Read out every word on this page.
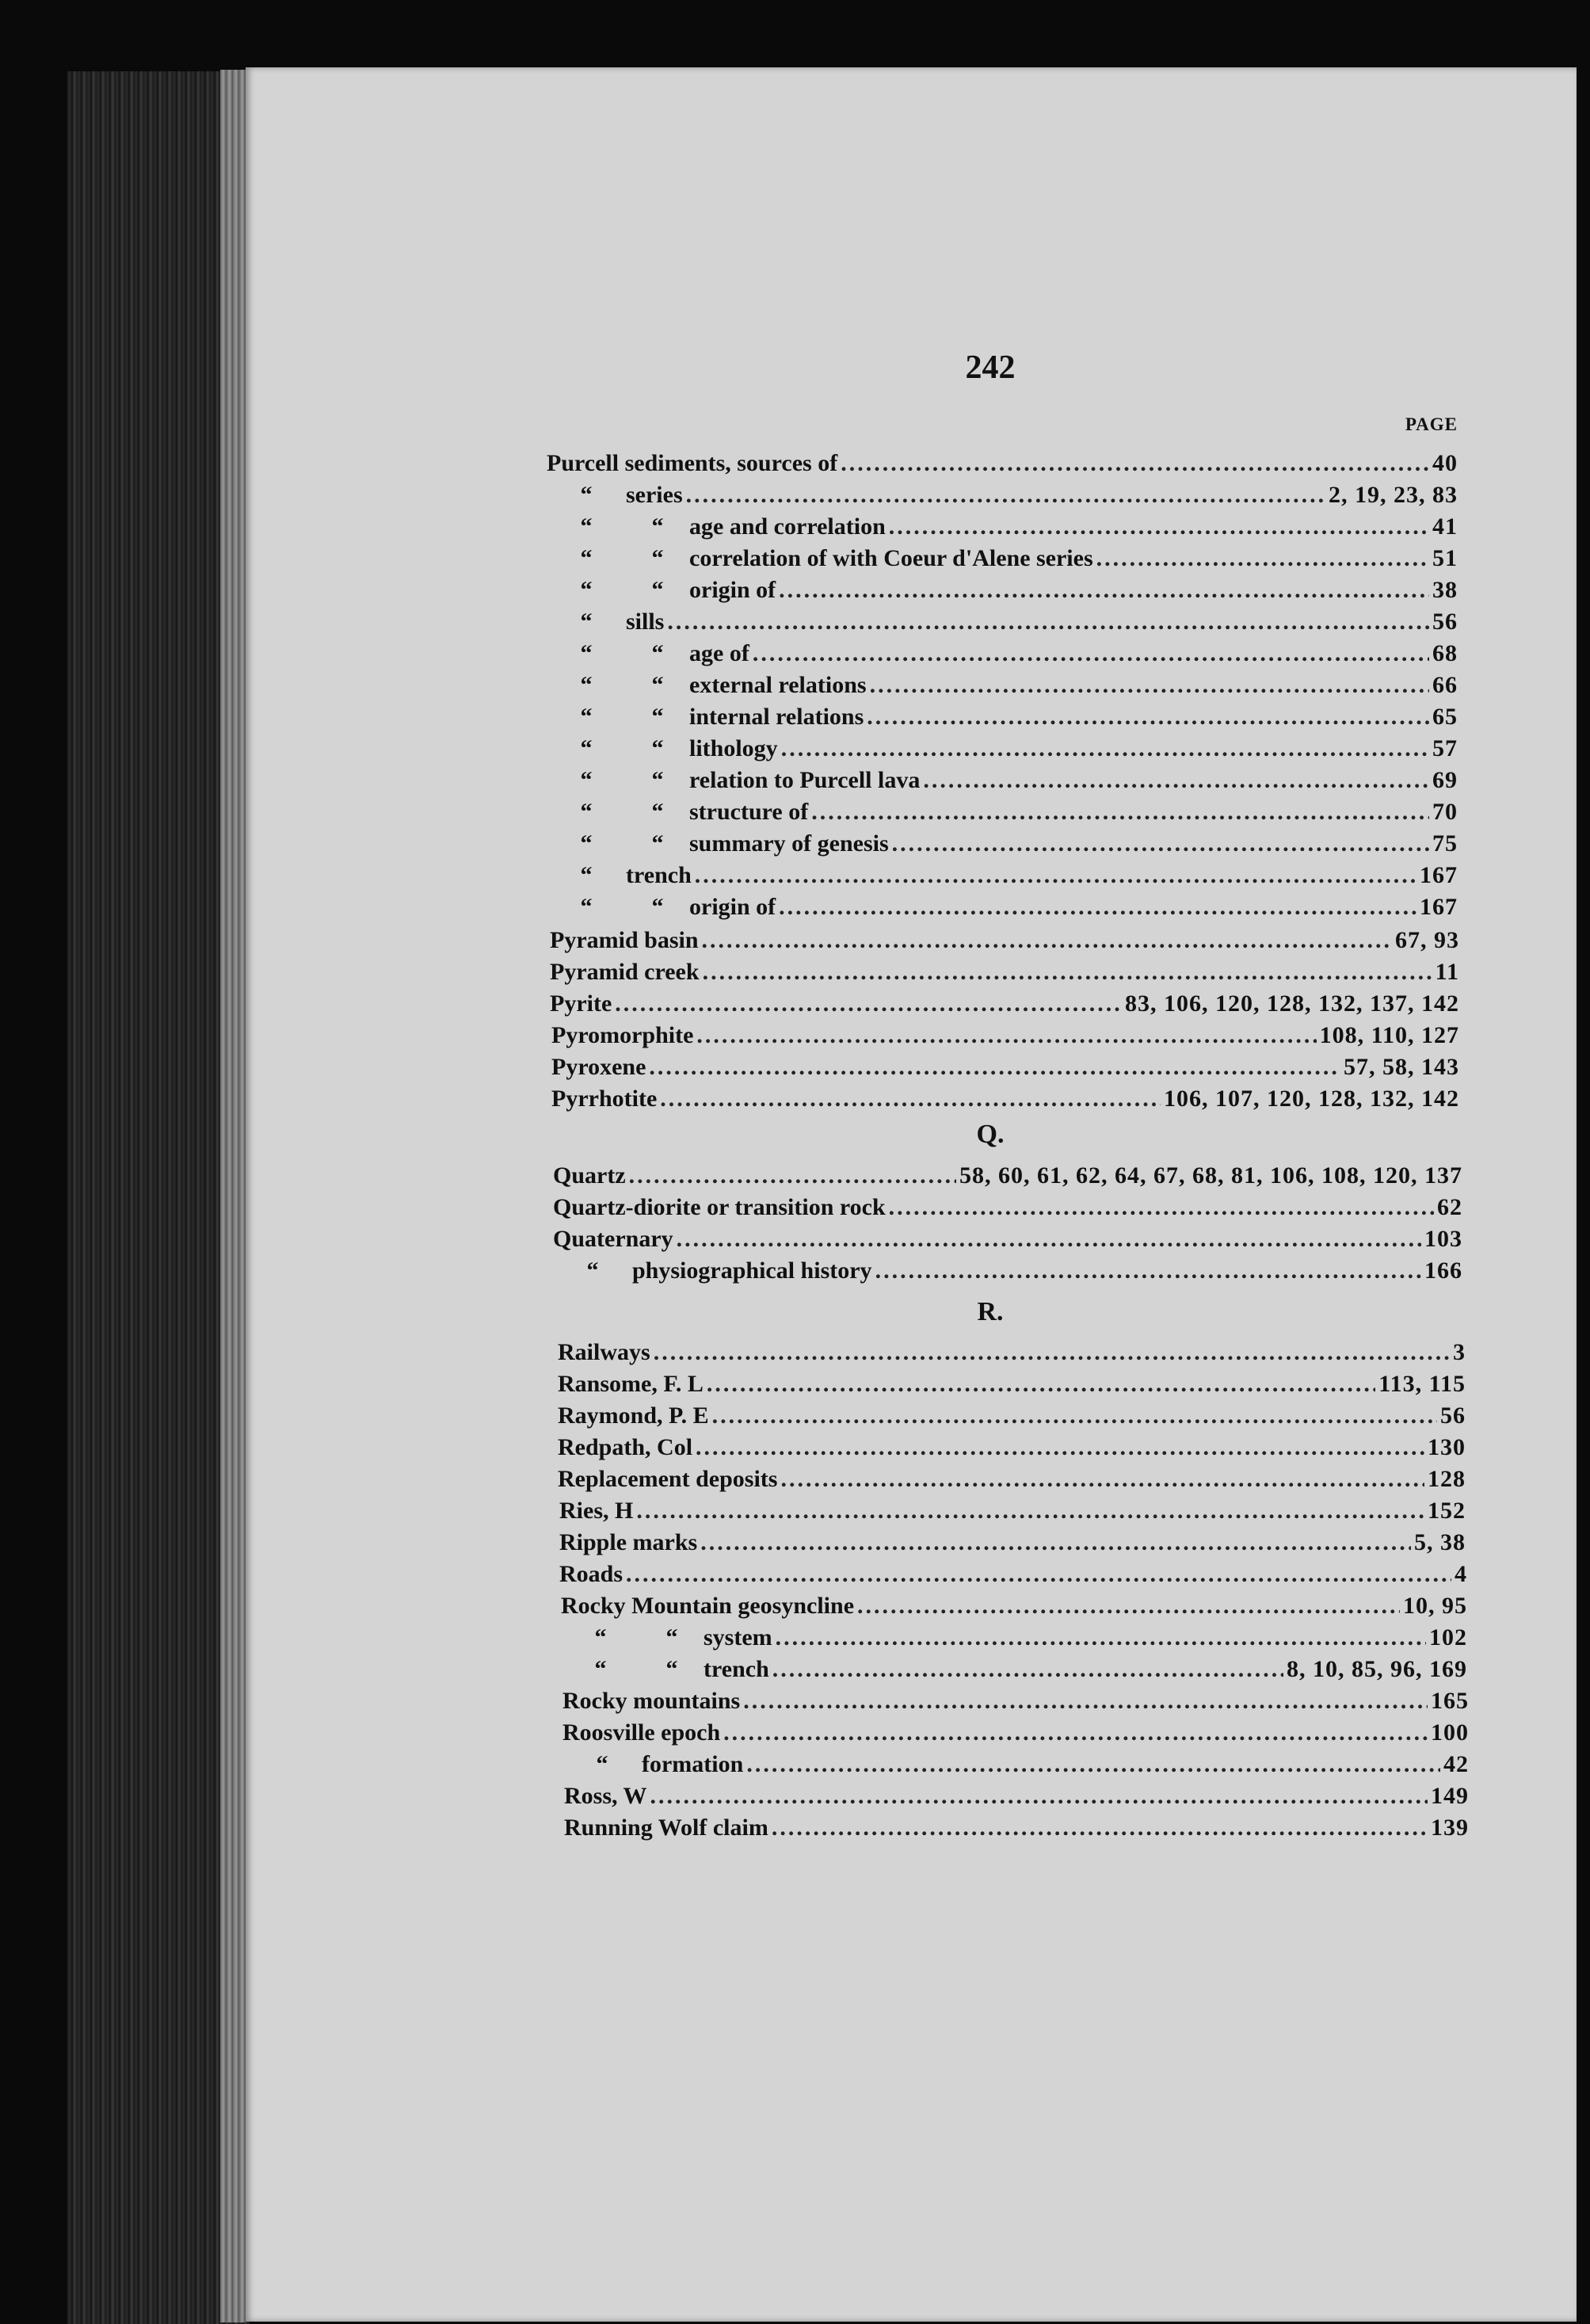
242
PAGE
Q.
R.
Purcell sediments, sources of .....	40
“	series .....	2, 19, 23, 83
“	“	age and correlation .....	41
“	“	correlation of with Coeur d'Alene series .....	51
“	“	origin of .....	38
“	sills .....	56
“	“	age of .....	68
“	“	external relations .....	66
“	“	internal relations .....	65
“	“	lithology .....	57
“	“	relation to Purcell lava .....	69
“	“	structure of .....	70
“	“	summary of genesis .....	75
“	trench .....	167
“	“	origin of .....	167
Pyramid basin .....	67, 93
Pyramid creek .....	11
Pyrite .....	83, 106, 120, 128, 132, 137, 142
Pyromorphite .....	108, 110, 127
Pyroxene .....	57, 58, 143
Pyrrhotite .....	106, 107, 120, 128, 132, 142
Quartz .....	58, 60, 61, 62, 64, 67, 68, 81, 106, 108, 120, 137
Quartz-diorite or transition rock .....	62
Quaternary .....	103
“	physiographical history .....	166
Railways .....	3
Ransome, F. L .....	113, 115
Raymond, P. E .....	56
Redpath, Col .....	130
Replacement deposits .....	128
Ries, H .....	152
Ripple marks .....	5, 38
Roads .....	4
Rocky Mountain geosyncline .....	10, 95
“	“	system .....	102
“	“	trench .....	8, 10, 85, 96, 169
Rocky mountains .....	165
Roosville epoch .....	100
“	formation .....	42
Ross, W .....	149
Running Wolf claim .....	139
